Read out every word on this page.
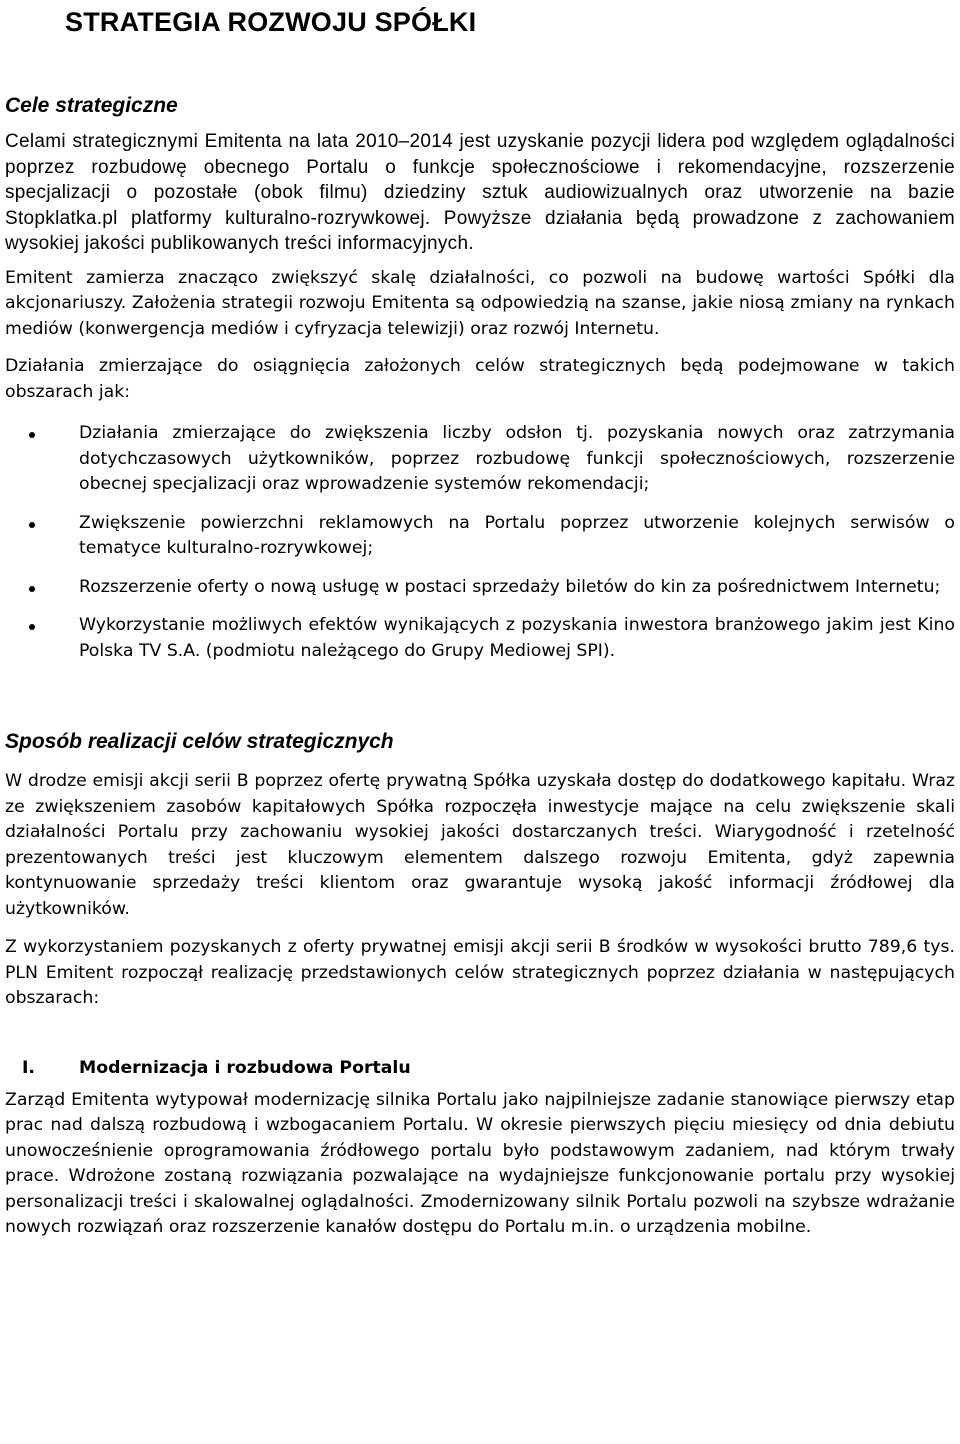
STRATEGIA ROZWOJU SPÓŁKI
Cele strategiczne

Celami strategicznymi Emitenta na lata 2010–2014 jest uzyskanie pozycji lidera pod względem oglądalności poprzez rozbudowę obecnego Portalu o funkcje społecznościowe i rekomendacyjne, rozszerzenie specjalizacji o pozostałe (obok filmu) dziedziny sztuk audiowizualnych oraz utworzenie na bazie Stopklatka.pl platformy kulturalno-rozrywkowej. Powyższe działania będą prowadzone z zachowaniem wysokiej jakości publikowanych treści informacyjnych.

Emitent zamierza znacząco zwiększyć skalę działalności, co pozwoli na budowę wartości Spółki dla akcjonariuszy. Założenia strategii rozwoju Emitenta są odpowiedzią na szanse, jakie niosą zmiany na rynkach mediów (konwergencja mediów i cyfryzacja telewizji) oraz rozwój Internetu.

Działania zmierzające do osiągnięcia założonych celów strategicznych będą podejmowane w takich obszarach jak:

Działania zmierzające do zwiększenia liczby odsłon tj. pozyskania nowych oraz zatrzymania dotychczasowych użytkowników, poprzez rozbudowę funkcji społecznościowych, rozszerzenie obecnej specjalizacji oraz wprowadzenie systemów rekomendacji;
Zwiększenie powierzchni reklamowych na Portalu poprzez utworzenie kolejnych serwisów o tematyce kulturalno-rozrywkowej;
Rozszerzenie oferty o nową usługę w postaci sprzedaży biletów do kin za pośrednictwem Internetu;
Wykorzystanie możliwych efektów wynikających z pozyskania inwestora branżowego jakim jest Kino Polska TV S.A. (podmiotu należącego do Grupy Mediowej SPI).
Sposób realizacji celów strategicznych

W drodze emisji akcji serii B poprzez ofertę prywatną Spółka uzyskała dostęp do dodatkowego kapitału. Wraz ze zwiększeniem zasobów kapitałowych Spółka rozpoczęła inwestycje mające na celu zwiększenie skali działalności Portalu przy zachowaniu wysokiej jakości dostarczanych treści. Wiarygodność i rzetelność prezentowanych treści jest kluczowym elementem dalszego rozwoju Emitenta, gdyż zapewnia kontynuowanie sprzedaży treści klientom oraz gwarantuje wysoką jakość informacji źródłowej dla użytkowników.

Z wykorzystaniem pozyskanych z oferty prywatnej emisji akcji serii B środków w wysokości brutto 789,6 tys. PLN Emitent rozpoczął realizację przedstawionych celów strategicznych poprzez działania w następujących obszarach:

I.	Modernizacja i rozbudowa Portalu

Zarząd Emitenta wytypował modernizację silnika Portalu jako najpilniejsze zadanie stanowiące pierwszy etap prac nad dalszą rozbudową i wzbogacaniem Portalu. W okresie pierwszych pięciu miesięcy od dnia debiutu unowocześnienie oprogramowania źródłowego portalu było podstawowym zadaniem, nad którym trwały prace. Wdrożone zostaną rozwiązania pozwalające na wydajniejsze funkcjonowanie portalu przy wysokiej personalizacji treści i skalowalnej oglądalności. Zmodernizowany silnik Portalu pozwoli na szybsze wdrażanie nowych rozwiązań oraz rozszerzenie kanałów dostępu do Portalu m.in. o urządzenia mobilne.
